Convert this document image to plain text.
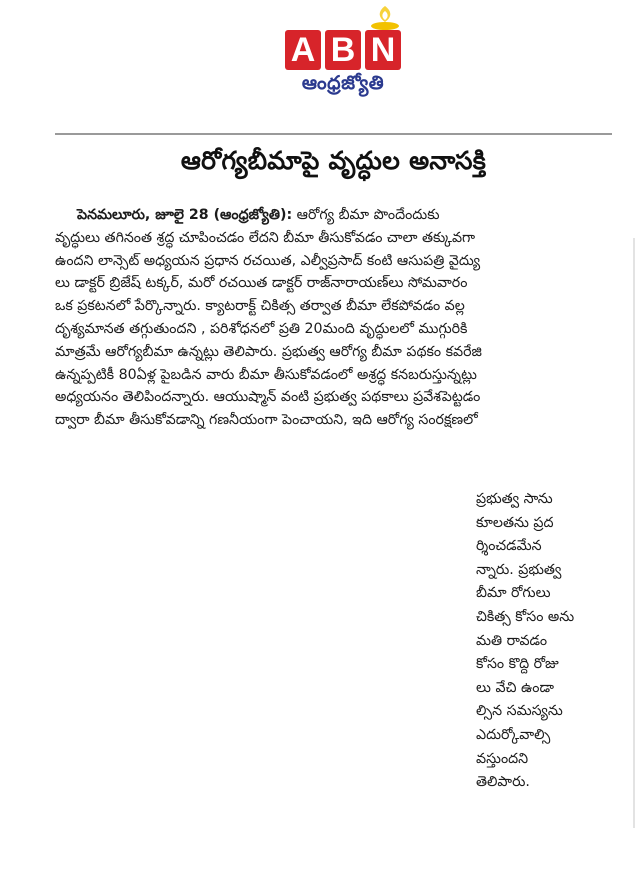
A B N
ఆంధ్రజ్యోతి
ఆరోగ్యబీమాపై వృద్ధుల అనాసక్తి
పెనమలూరు, జూలై 28 (ఆంధ్రజ్యోతి): ఆరోగ్య బీమా పొందేందుకు
వృద్ధులు తగినంత శ్రద్ధ చూపించడం లేదని బీమా తీసుకోవడం చాలా తక్కువగా
ఉందని లాన్సెట్ అధ్యయన ప్రధాన రచయిత, ఎల్వీప్రసాద్ కంటి ఆసుపత్రి వైద్యు
లు డాక్టర్ బ్రిజేష్ టక్కర్, మరో రచయిత డాక్టర్ రాజ్‌నారాయణ్‌లు సోమవారం
ఒక ప్రకటనలో పేర్కొన్నారు. క్యాటరాక్ట్ చికిత్స తర్వాత బీమా లేకపోవడం వల్ల
దృశ్యమానత తగ్గుతుందని , పరిశోధనలో ప్రతి 20మంది వృద్ధులలో ముగ్గురికి
మాత్రమే ఆరోగ్యబీమా ఉన్నట్లు తెలిపారు. ప్రభుత్వ ఆరోగ్య బీమా పథకం కవరేజి
ఉన్నప్పటికీ 80ఏళ్ల పైబడిన వారు బీమా తీసుకోవడంలో అశ్రద్ధ కనబరుస్తున్నట్లు
అధ్యయనం తెలిపిందన్నారు. ఆయుష్మాన్ వంటి ప్రభుత్వ పథకాలు ప్రవేశపెట్టడం
ద్వారా బీమా తీసుకోవడాన్ని గణనీయంగా పెంచాయని, ఇది ఆరోగ్య సంరక్షణలో
ప్రభుత్వ సాను
కూలతను ప్రద
ర్శించడమేన
న్నారు. ప్రభుత్వ
బీమా రోగులు
చికిత్స కోసం అను
మతి రావడం
కోసం కొద్ది రోజు
లు వేచి ఉండా
ల్సిన సమస్యను
ఎదుర్కోవాల్సి
వస్తుందని
తెలిపారు.
